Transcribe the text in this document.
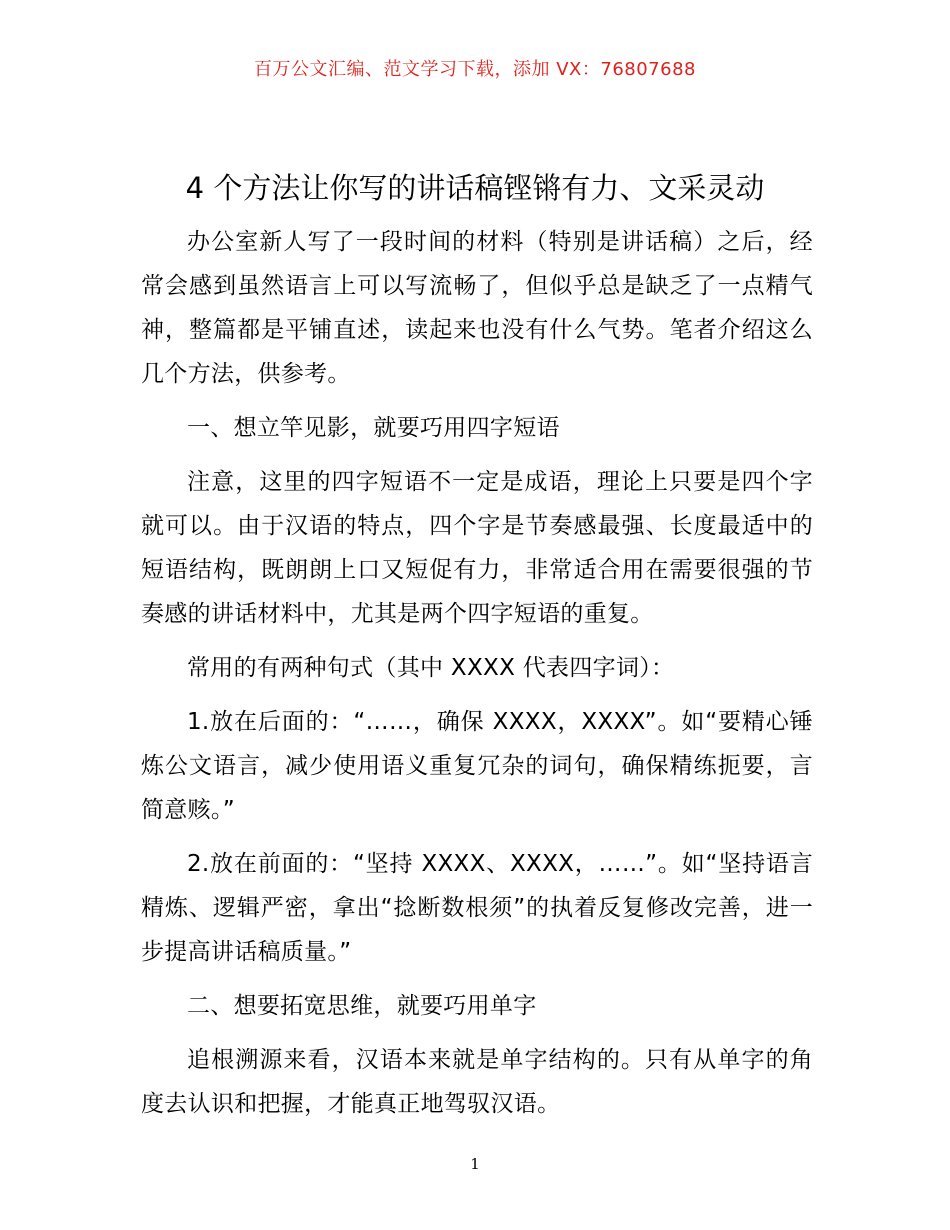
百万公文汇编、范文学习下载，添加 VX：76807688
4 个方法让你写的讲话稿铿锵有力、文采灵动

办公室新人写了一段时间的材料（特别是讲话稿）之后，经常会感到虽然语言上可以写流畅了，但似乎总是缺乏了一点精气神，整篇都是平铺直述，读起来也没有什么气势。笔者介绍这么几个方法，供参考。

一、想立竿见影，就要巧用四字短语

注意，这里的四字短语不一定是成语，理论上只要是四个字就可以。由于汉语的特点，四个字是节奏感最强、长度最适中的短语结构，既朗朗上口又短促有力，非常适合用在需要很强的节奏感的讲话材料中，尤其是两个四字短语的重复。

常用的有两种句式（其中 XXXX 代表四字词）：

1.放在后面的：“……，确保 XXXX，XXXX”。如“要精心锤炼公文语言，减少使用语义重复冗杂的词句，确保精练扼要，言简意赅。”

2.放在前面的：“坚持 XXXX、XXXX，……”。如“坚持语言精炼、逻辑严密，拿出“捻断数根须”的执着反复修改完善，进一步提高讲话稿质量。”

二、想要拓宽思维，就要巧用单字

追根溯源来看，汉语本来就是单字结构的。只有从单字的角度去认识和把握，才能真正地驾驭汉语。

1
